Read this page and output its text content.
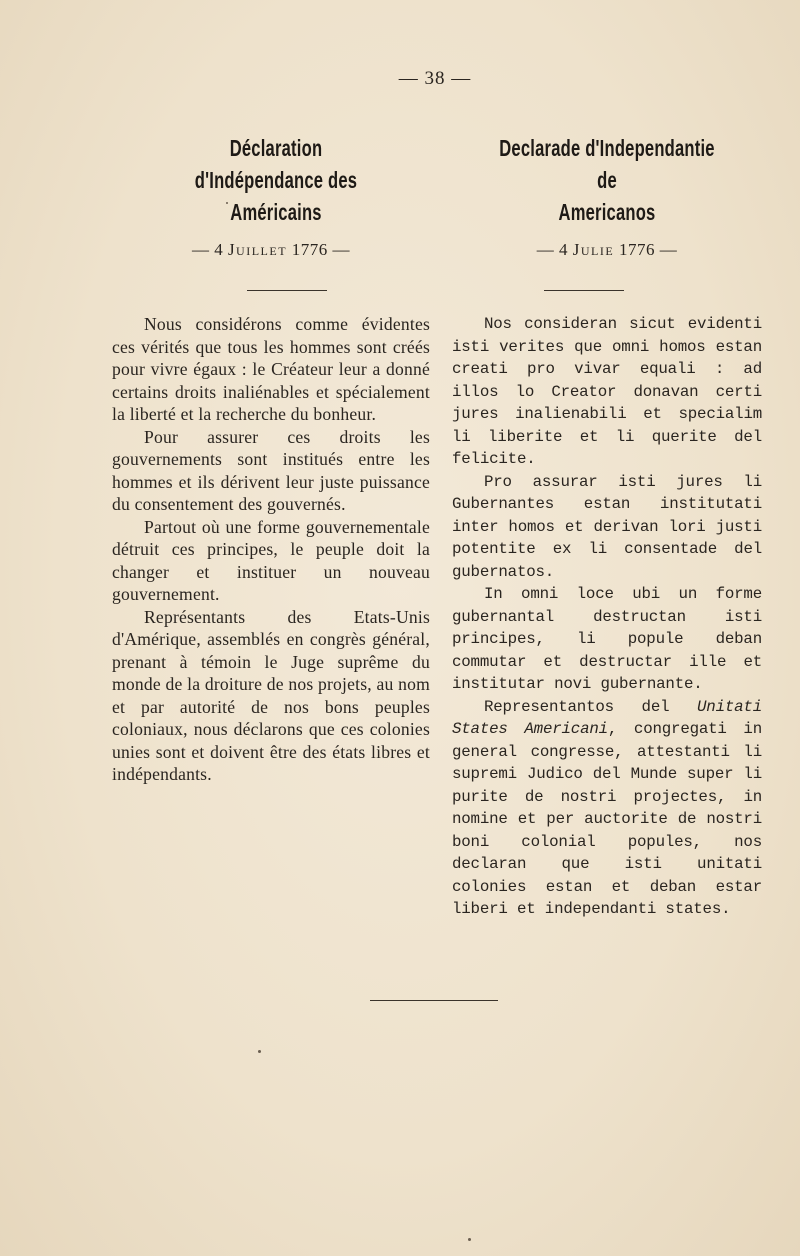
— 38 —
Déclaration d'Indépendance des
Américains
— 4 Juillet 1776 —

Nous considérons comme évidentes ces vérités que tous les hommes sont créés pour vivre égaux : le Créateur leur a donné certains droits inaliénables et spécialement la liberté et la recherche du bonheur.

Pour assurer ces droits les gouvernements sont institués entre les hommes et ils dérivent leur juste puissance du consentement des gouvernés.

Partout où une forme gouvernementale détruit ces principes, le peuple doit la changer et instituer un nouveau gouvernement.

Représentants des Etats-Unis d'Amérique, assemblés en congrès général, prenant à témoin le Juge suprême du monde de la droiture de nos projets, au nom et par autorité de nos bons peuples coloniaux, nous déclarons que ces colonies unies sont et doivent être des états libres et indépendants.

Declarade d'Independantie de
Americanos
— 4 Julie 1776 —

Nos consideran sicut evidenti isti verites que omni homos estan creati pro vivar equali : ad illos lo Creator donavan certi jures inalienabili et specialim li liberite et li querite del felicite.

Pro assurar isti jures li Gubernantes estan institutati inter homos et derivan lori justi potentite ex li consentade del gubernatos.

In omni loce ubi un forme gubernantal destructan isti principes, li popule deban commutar et destructar ille et institutar novi gubernante.

Representantos del Unitati States Americani, congregati in general congresse, attestanti li supremi Judico del Munde super li purite de nostri projectes, in nomine et per auctorite de nostri boni colonial popules, nos declaran que isti unitati colonies estan et deban estar liberi et independanti states.
